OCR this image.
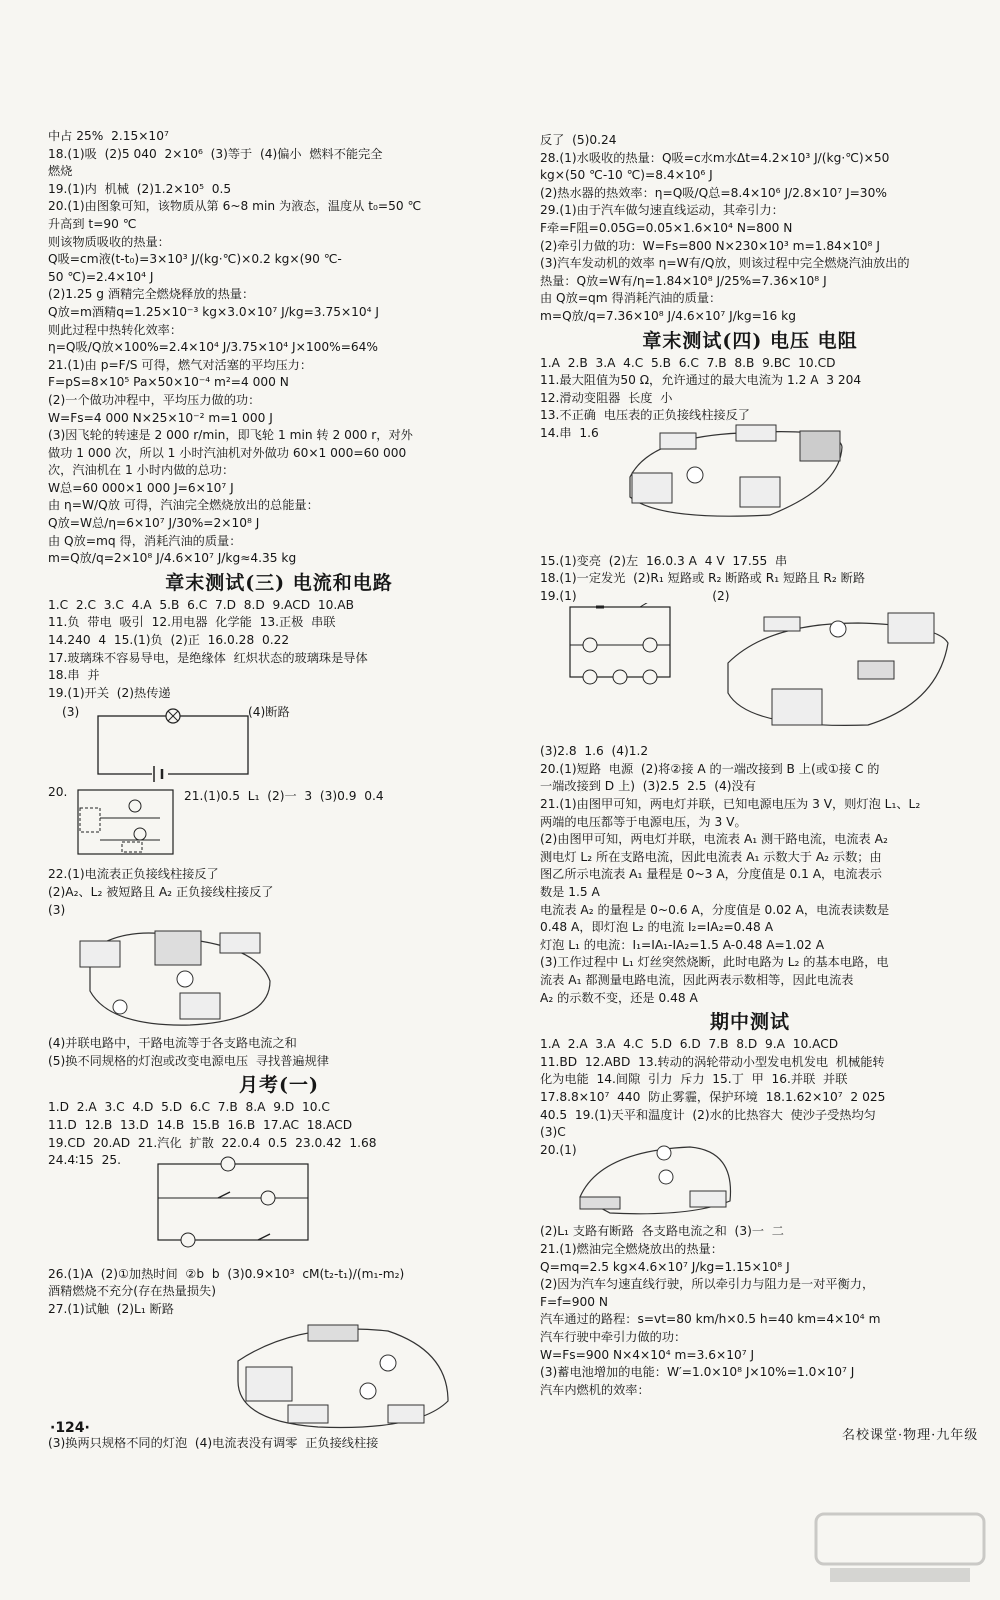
中占 25%  2.15×10⁷
18.(1)吸  (2)5 040  2×10⁶  (3)等于  (4)偏小  燃料不能完全
燃烧
19.(1)内  机械  (2)1.2×10⁵  0.5
20.(1)由图象可知，该物质从第 6~8 min 为液态，温度从 t₀=50 ℃
升高到 t=90 ℃
则该物质吸收的热量：
Q吸=cm液(t-t₀)=3×10³ J/(kg·℃)×0.2 kg×(90 ℃-
50 ℃)=2.4×10⁴ J
(2)1.25 g 酒精完全燃烧释放的热量：
Q放=m酒精q=1.25×10⁻³ kg×3.0×10⁷ J/kg=3.75×10⁴ J
则此过程中热转化效率：
η=Q吸/Q放×100%=2.4×10⁴ J/3.75×10⁴ J×100%=64%
21.(1)由 p=F/S 可得，燃气对活塞的平均压力：
F=pS=8×10⁵ Pa×50×10⁻⁴ m²=4 000 N
(2)一个做功冲程中，平均压力做的功：
W=Fs=4 000 N×25×10⁻² m=1 000 J
(3)因飞轮的转速是 2 000 r/min，即飞轮 1 min 转 2 000 r，对外
做功 1 000 次，所以 1 小时汽油机对外做功 60×1 000=60 000
次，汽油机在 1 小时内做的总功：
W总=60 000×1 000 J=6×10⁷ J
由 η=W/Q放 可得，汽油完全燃烧放出的总能量：
Q放=W总/η=6×10⁷ J/30%=2×10⁸ J
由 Q放=mq 得，消耗汽油的质量：
m=Q放/q=2×10⁸ J/4.6×10⁷ J/kg≈4.35 kg
章末测试(三) 电流和电路
1.C  2.C  3.C  4.A  5.B  6.C  7.D  8.D  9.ACD  10.AB
11.负  带电  吸引  12.用电器  化学能  13.正极  串联
14.240  4  15.(1)负  (2)正  16.0.28  0.22
17.玻璃珠不容易导电，是绝缘体  红炽状态的玻璃珠是导体
18.串  并
19.(1)开关  (2)热传递
(3)	(4)断路
20.	21.(1)0.5  L₁  (2)一  3  (3)0.9  0.4
22.(1)电流表正负接线柱接反了
(2)A₂、L₂ 被短路且 A₂ 正负接线柱接反了
(3)
(4)并联电路中，干路电流等于各支路电流之和
(5)换不同规格的灯泡或改变电源电压  寻找普遍规律
月考(一)
1.D  2.A  3.C  4.D  5.D  6.C  7.B  8.A  9.D  10.C
11.D  12.B  13.D  14.B  15.B  16.B  17.AC  18.ACD
19.CD  20.AD  21.汽化  扩散  22.0.4  0.5  23.0.42  1.68
24.4∶15  25.
26.(1)A  (2)①加热时间  ②b  b  (3)0.9×10³  cM(t₂-t₁)/(m₁-m₂)
酒精燃烧不充分(存在热量损失)
27.(1)试触  (2)L₁ 断路
(3)换两只规格不同的灯泡  (4)电流表没有调零  正负接线柱接
反了  (5)0.24
28.(1)水吸收的热量：Q吸=c水m水Δt=4.2×10³ J/(kg·℃)×50
kg×(50 ℃-10 ℃)=8.4×10⁶ J
(2)热水器的热效率：η=Q吸/Q总=8.4×10⁶ J/2.8×10⁷ J=30%
29.(1)由于汽车做匀速直线运动，其牵引力：
F牵=F阻=0.05G=0.05×1.6×10⁴ N=800 N
(2)牵引力做的功：W=Fs=800 N×230×10³ m=1.84×10⁸ J
(3)汽车发动机的效率 η=W有/Q放，则该过程中完全燃烧汽油放出的
热量：Q放=W有/η=1.84×10⁸ J/25%=7.36×10⁸ J
由 Q放=qm 得消耗汽油的质量：
m=Q放/q=7.36×10⁸ J/4.6×10⁷ J/kg=16 kg
章末测试(四) 电压 电阻
1.A  2.B  3.A  4.C  5.B  6.C  7.B  8.B  9.BC  10.CD
11.最大阻值为50 Ω，允许通过的最大电流为 1.2 A  3 204
12.滑动变阻器  长度  小
13.不正确  电压表的正负接线柱接反了
14.串  1.6
15.(1)变亮  (2)左  16.0.3 A  4 V  17.55  串
18.(1)一定发光  (2)R₁ 短路或 R₂ 断路或 R₁ 短路且 R₂ 断路
19.(1)                                   (2)
(3)2.8  1.6  (4)1.2
20.(1)短路  电源  (2)将②接 A 的一端改接到 B 上(或①接 C 的
一端改接到 D 上)  (3)2.5  2.5  (4)没有
21.(1)由图甲可知，两电灯并联，已知电源电压为 3 V，则灯泡 L₁、L₂
两端的电压都等于电源电压，为 3 V。
(2)由图甲可知，两电灯并联，电流表 A₁ 测干路电流，电流表 A₂
测电灯 L₂ 所在支路电流，因此电流表 A₁ 示数大于 A₂ 示数；由
图乙所示电流表 A₁ 量程是 0~3 A，分度值是 0.1 A，电流表示
数是 1.5 A
电流表 A₂ 的量程是 0~0.6 A，分度值是 0.02 A，电流表读数是
0.48 A，即灯泡 L₂ 的电流 I₂=IA₂=0.48 A
灯泡 L₁ 的电流：I₁=IA₁-IA₂=1.5 A-0.48 A=1.02 A
(3)工作过程中 L₁ 灯丝突然烧断，此时电路为 L₂ 的基本电路，电
流表 A₁ 都测量电路电流，因此两表示数相等，因此电流表
A₂ 的示数不变，还是 0.48 A
期中测试
1.A  2.A  3.A  4.C  5.D  6.D  7.B  8.D  9.A  10.ACD
11.BD  12.ABD  13.转动的涡轮带动小型发电机发电  机械能转
化为电能  14.间隙  引力  斥力  15.丁  甲  16.并联  并联
17.8.8×10⁷  440  防止雾霾，保护环境  18.1.62×10⁷  2 025
40.5  19.(1)天平和温度计  (2)水的比热容大  使沙子受热均匀
(3)C
20.(1)
(2)L₁ 支路有断路  各支路电流之和  (3)一  二
21.(1)燃油完全燃烧放出的热量：
Q=mq=2.5 kg×4.6×10⁷ J/kg=1.15×10⁸ J
(2)因为汽车匀速直线行驶，所以牵引力与阻力是一对平衡力，
F=f=900 N
汽车通过的路程：s=vt=80 km/h×0.5 h=40 km=4×10⁴ m
汽车行驶中牵引力做的功：
W=Fs=900 N×4×10⁴ m=3.6×10⁷ J
(3)蓄电池增加的电能：W′=1.0×10⁸ J×10%=1.0×10⁷ J
汽车内燃机的效率：
·124·	名校课堂·物理·九年级
